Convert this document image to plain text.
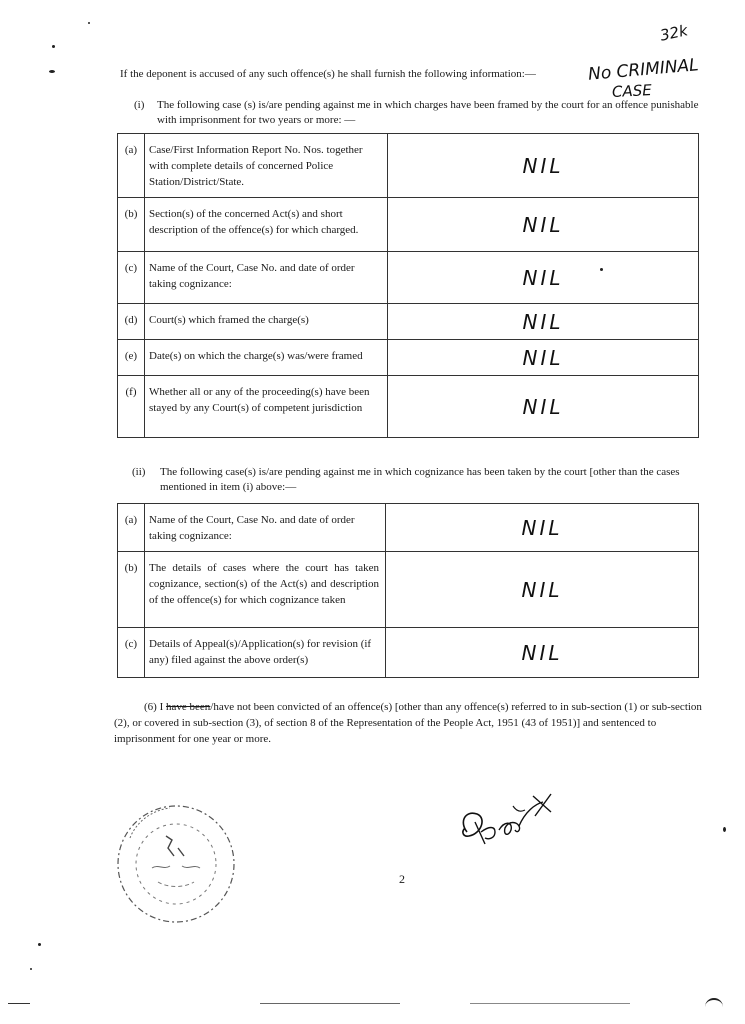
32k
No CRIMINAL
CASE
If the deponent is accused of any such offence(s) he shall furnish the following information:—
(i) The following case (s) is/are pending against me in which charges have been framed by the court for an offence punishable with imprisonment for two years or more: —
(a)	Case/First Information Report No. Nos. together with complete details of concerned Police Station/District/State.	NIL
(b)	Section(s) of the concerned Act(s) and short description of the offence(s) for which charged.	NIL
(c)	Name of the Court, Case No. and date of order taking cognizance:	NIL
(d)	Court(s) which framed the charge(s)	NIL
(e)	Date(s) on which the charge(s) was/were framed	NIL
(f)	Whether all or any of the proceeding(s) have been stayed by any Court(s) of competent jurisdiction	NIL
(ii) The following case(s) is/are pending against me in which cognizance has been taken by the court [other than the cases mentioned in item (i) above:—
(a)	Name of the Court, Case No. and date of order taking cognizance:	NIL
(b)	The details of cases where the court has taken cognizance, section(s) of the Act(s) and description of the offence(s) for which cognizance taken	NIL
(c)	Details of Appeal(s)/Application(s) for revision (if any) filed against the above order(s)	NIL
(6) I have been/have not been convicted of an offence(s) [other than any offence(s) referred to in sub-section (1) or sub-section (2), or covered in sub-section (3), of section 8 of the Representation of the People Act, 1951 (43 of 1951)] and sentenced to imprisonment for one year or more.
2
